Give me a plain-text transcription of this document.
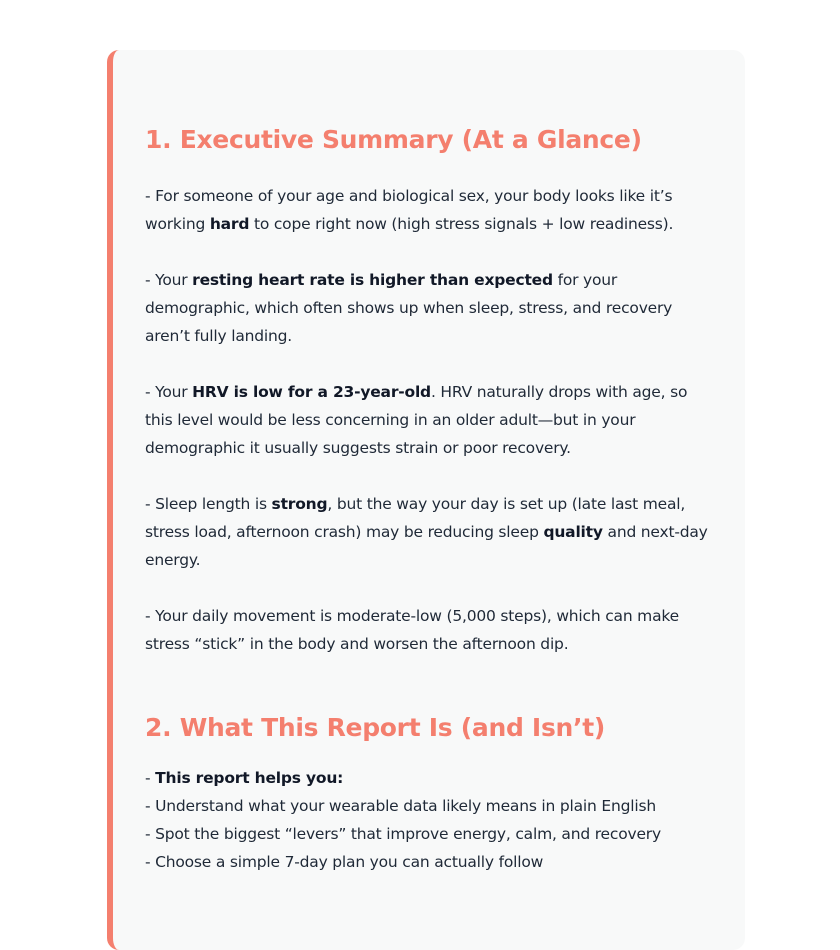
1. Executive Summary (At a Glance)

- For someone of your age and biological sex, your body looks like it’s working hard to cope right now (high stress signals + low readiness).

- Your resting heart rate is higher than expected for your demographic, which often shows up when sleep, stress, and recovery aren’t fully landing.

- Your HRV is low for a 23-year-old. HRV naturally drops with age, so this level would be less concerning in an older adult—but in your demographic it usually suggests strain or poor recovery.

- Sleep length is strong, but the way your day is set up (late last meal, stress load, afternoon crash) may be reducing sleep quality and next-day energy.

- Your daily movement is moderate-low (5,000 steps), which can make stress “stick” in the body and worsen the afternoon dip.

2. What This Report Is (and Isn’t)
- This report helps you:
- Understand what your wearable data likely means in plain English
- Spot the biggest “levers” that improve energy, calm, and recovery
- Choose a simple 7-day plan you can actually follow
